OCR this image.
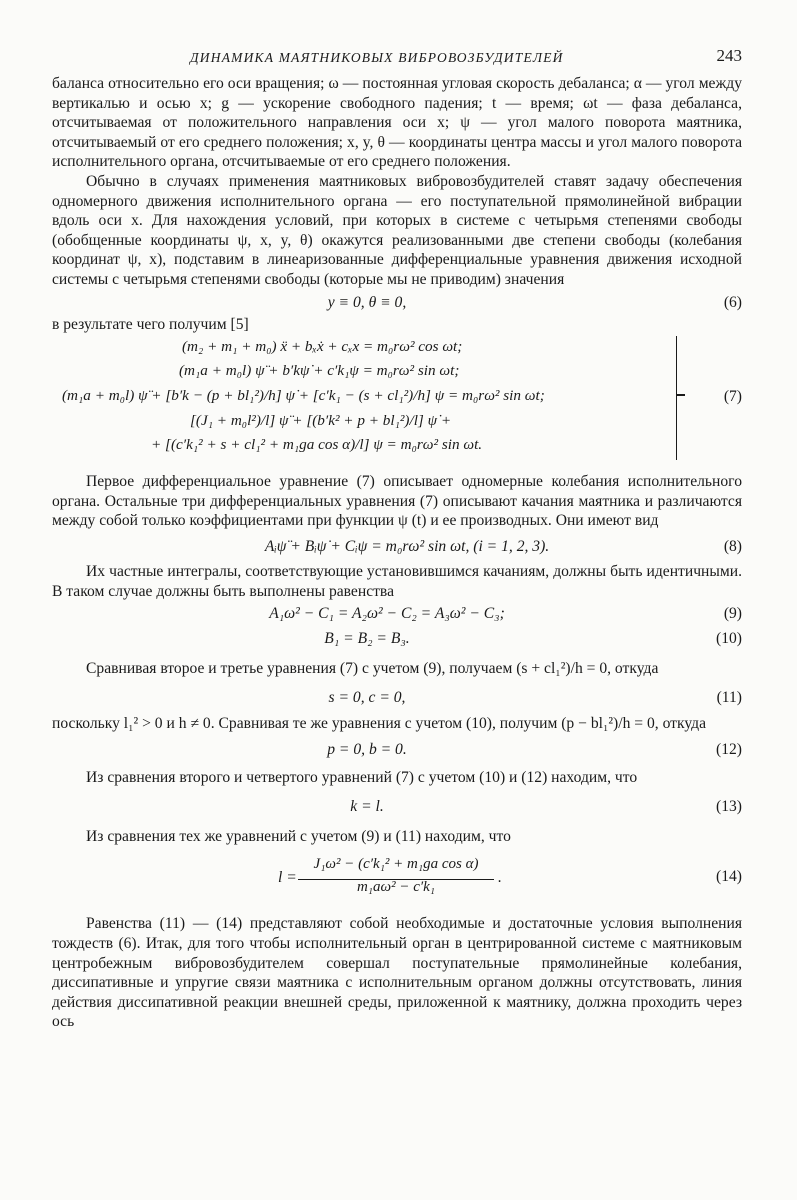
ДИНАМИКА МАЯТНИКОВЫХ ВИБРОВОЗБУДИТЕЛЕЙ	243

баланса относительно его оси вращения; ω — постоянная угловая скорость дебаланса; α — угол между вертикалью и осью x; g — ускорение свободного падения; t — время; ωt — фаза дебаланса, отсчитываемая от положительного направления оси x; ψ — угол малого поворота маятника, отсчитываемый от его среднего положения; x, y, θ — координаты центра массы и угол малого поворота исполнительного органа, отсчитываемые от его среднего положения.

Обычно в случаях применения маятниковых вибровозбудителей ставят задачу обеспечения одномерного движения исполнительного органа — его поступательной прямолинейной вибрации вдоль оси x. Для нахождения условий, при которых в системе с четырьмя степенями свободы (обобщенные координаты ψ, x, y, θ) окажутся реализованными две степени свободы (колебания координат ψ, x), подставим в линеаризованные дифференциальные уравнения движения исходной системы с четырьмя степенями свободы (которые мы не приводим) значения

y ≡ 0, θ ≡ 0,	(6)

в результате чего получим [5]

(m₂ + m₁ + m₀) ẍ + bₓẋ + cₓx = m₀rω² cos ωt;
(m₁a + m₀l) ψ̈ + b′kψ̇ + c′k₁ψ = m₀rω² sin ωt;
(m₁a + m₀l) ψ̈ + [b′k − (p + bl₁²)/h] ψ̇ + [c′k₁ − (s + cl₁²)/h] ψ = m₀rω² sin ωt;
[(J₁ + m₀l²)/l] ψ̈ + [(b′k² + p + bl₁²)/l] ψ̇ +
+ [(c′k₁² + s + cl₁² + m₁ga cos α)/l] ψ = m₀rω² sin ωt.
(7)

Первое дифференциальное уравнение (7) описывает одномерные колебания исполнительного органа. Остальные три дифференциальных уравнения (7) описывают качания маятника и различаются между собой только коэффициентами при функции ψ (t) и ее производных. Они имеют вид

Aᵢψ̈ + Bᵢψ̇ + Cᵢψ = m₀rω² sin ωt, (i = 1, 2, 3).	(8)

Их частные интегралы, соответствующие установившимся качаниям, должны быть идентичными. В таком случае должны быть выполнены равенства

A₁ω² − C₁ = A₂ω² − C₂ = A₃ω² − C₃;	(9)
B₁ = B₂ = B₃.	(10)

Сравнивая второе и третье уравнения (7) с учетом (9), получаем (s + cl₁²)/h = 0, откуда

s = 0, c = 0,	(11)

поскольку l₁² > 0 и h ≠ 0. Сравнивая те же уравнения с учетом (10), получим (p − bl₁²)/h = 0, откуда

p = 0, b = 0.	(12)

Из сравнения второго и четвертого уравнений (7) с учетом (10) и (12) находим, что

k = l.	(13)

Из сравнения тех же уравнений с учетом (9) и (11) находим, что

l =
J₁ω² − (c′k₁² + m₁ga cos α)
m₁aω² − c′k₁
.	(14)

Равенства (11) — (14) представляют собой необходимые и достаточные условия выполнения тождеств (6). Итак, для того чтобы исполнительный орган в центрированной системе с маятниковым центробежным вибровозбудителем совершал поступательные прямолинейные колебания, диссипативные и упругие связи маятника с исполнительным органом должны отсутствовать, линия действия диссипативной реакции внешней среды, приложенной к маятнику, должна проходить через ось
